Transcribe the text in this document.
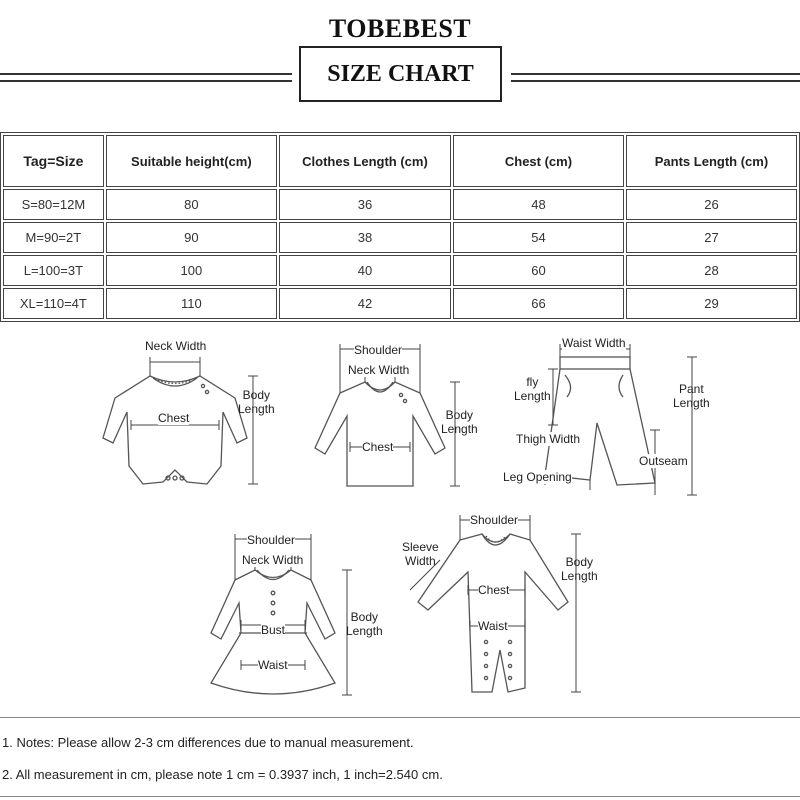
TOBEBEST
SIZE CHART
Tag=Size	Suitable height(cm)	Clothes Length (cm)	Chest (cm)	Pants Length (cm)
S=80=12M	80	36	48	26
M=90=2T	90	38	54	27
L=100=3T	100	40	60	28
XL=110=4T	110	42	66	29
Neck Width
Chest
Body
Length
Shoulder
Neck Width
Chest
Body
Length
Waist Width
fly
Length	Pant
Length
Thigh Width
Outseam
Leg Opening
Shoulder
Neck Width
Bust
Waist
Body
Length
Shoulder
Sleeve
Width
Chest
Waist
Body
Length
1. Notes: Please allow 2-3 cm differences due to manual measurement.
2. All measurement in cm, please note 1 cm = 0.3937 inch, 1 inch=2.540 cm.
